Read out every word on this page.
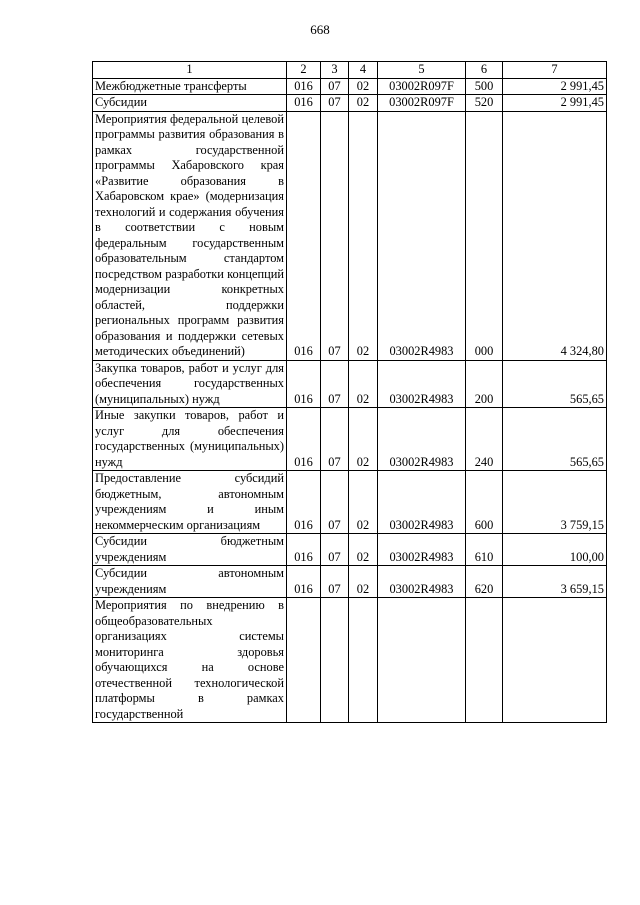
668
1	2	3	4	5	6	7
Межбюджетные трансферты	016	07	02	03002R097F	500	2 991,45
Субсидии	016	07	02	03002R097F	520	2 991,45
Мероприятия федеральной целевой программы развития образования в рамках государственной программы Хабаровского края «Развитие образования в Хабаровском крае» (модернизация технологий и содержания обучения в соответствии с новым федеральным государственным образовательным стандартом посредством разработки концепций модернизации конкретных областей, поддержки региональных программ развития образования и поддержки сетевых методических объединений)	016	07	02	03002R4983	000	4 324,80
Закупка товаров, работ и услуг для обеспечения государственных (муниципальных) нужд	016	07	02	03002R4983	200	565,65
Иные закупки товаров, работ и услуг для обеспечения государственных (муниципальных) нужд	016	07	02	03002R4983	240	565,65
Предоставление субсидий бюджетным, автономным учреждениям и иным некоммерческим организациям	016	07	02	03002R4983	600	3 759,15
Субсидии бюджетным учреждениям	016	07	02	03002R4983	610	100,00
Субсидии автономным учреждениям	016	07	02	03002R4983	620	3 659,15
Мероприятия по внедрению в общеобразовательных организациях системы мониторинга здоровья обучающихся на основе отечественной технологической платформы в рамках государственной						
